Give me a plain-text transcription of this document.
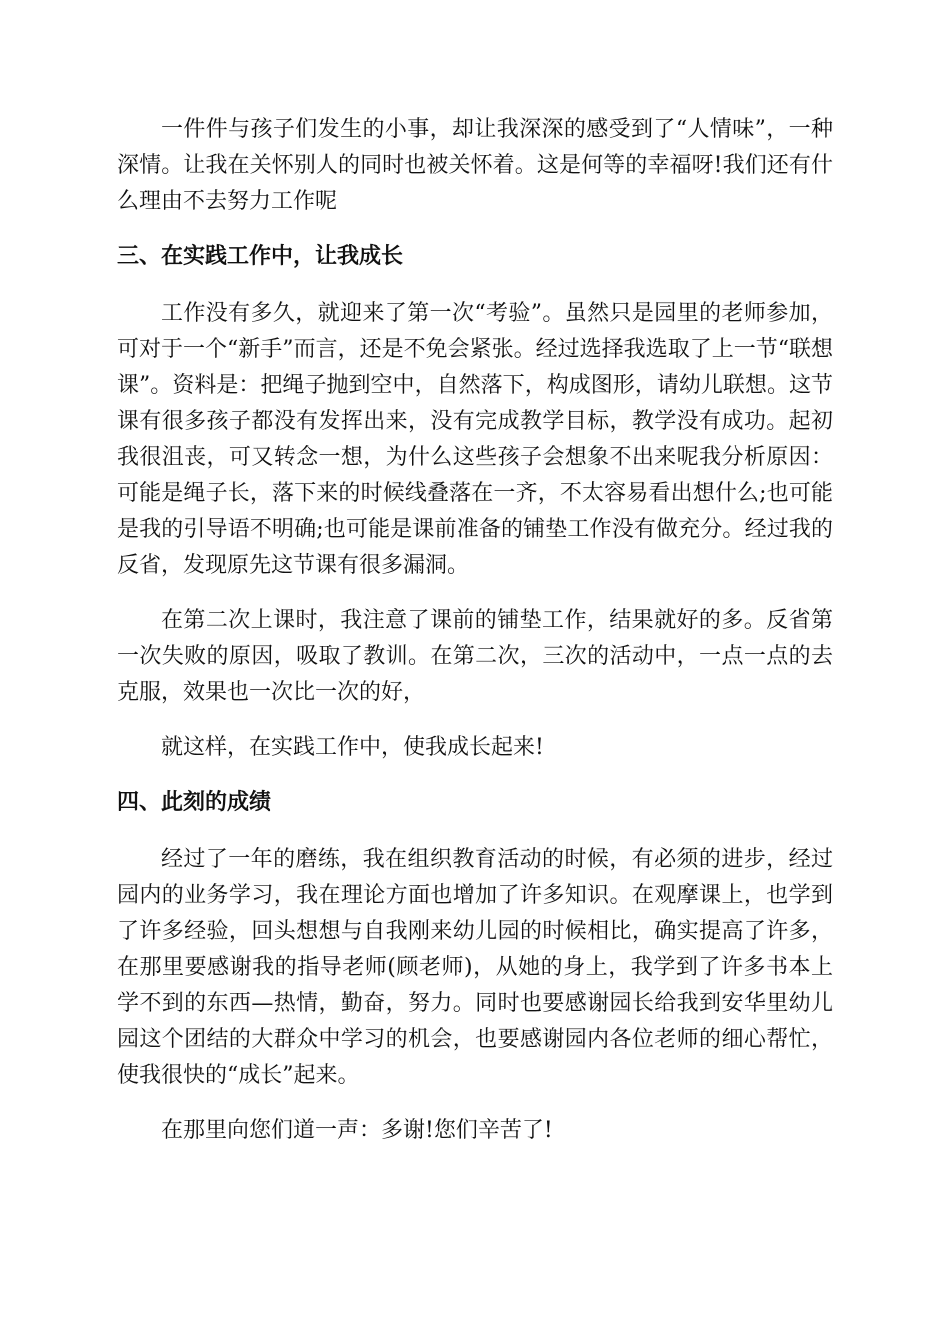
一件件与孩子们发生的小事，却让我深深的感受到了“人情味”，一种深情。让我在关怀别人的同时也被关怀着。这是何等的幸福呀!我们还有什么理由不去努力工作呢

三、在实践工作中，让我成长

工作没有多久，就迎来了第一次“考验”。虽然只是园里的老师参加，可对于一个“新手”而言，还是不免会紧张。经过选择我选取了上一节“联想课”。资料是：把绳子抛到空中，自然落下，构成图形，请幼儿联想。这节课有很多孩子都没有发挥出来，没有完成教学目标，教学没有成功。起初我很沮丧，可又转念一想，为什么这些孩子会想象不出来呢我分析原因：可能是绳子长，落下来的时候线叠落在一齐，不太容易看出想什么;也可能是我的引导语不明确;也可能是课前准备的铺垫工作没有做充分。经过我的反省，发现原先这节课有很多漏洞。

在第二次上课时，我注意了课前的铺垫工作，结果就好的多。反省第一次失败的原因，吸取了教训。在第二次，三次的活动中，一点一点的去克服，效果也一次比一次的好，

就这样，在实践工作中，使我成长起来!

四、此刻的成绩

经过了一年的磨练，我在组织教育活动的时候，有必须的进步，经过园内的业务学习，我在理论方面也增加了许多知识。在观摩课上，也学到了许多经验，回头想想与自我刚来幼儿园的时候相比，确实提高了许多，在那里要感谢我的指导老师(顾老师)，从她的身上，我学到了许多书本上学不到的东西—热情，勤奋，努力。同时也要感谢园长给我到安华里幼儿园这个团结的大群众中学习的机会，也要感谢园内各位老师的细心帮忙，使我很快的“成长”起来。

在那里向您们道一声：多谢!您们辛苦了!
